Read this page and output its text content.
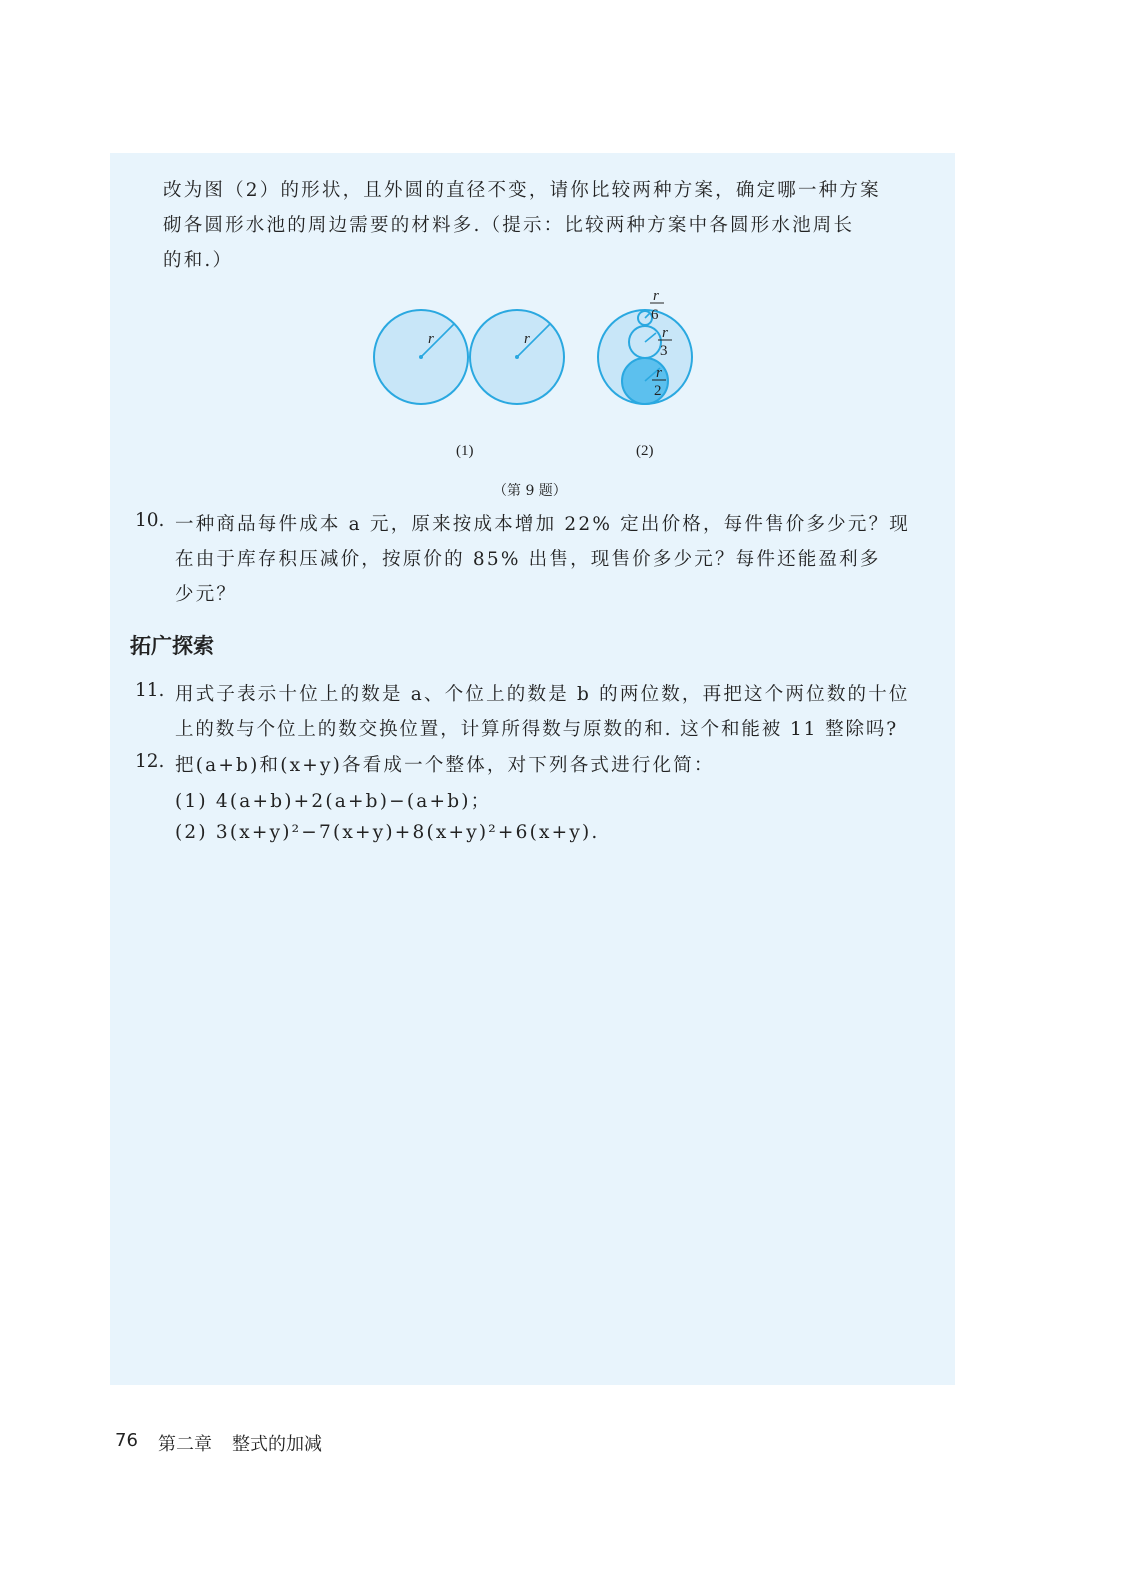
改为图（2）的形状，且外圆的直径不变，请你比较两种方案，确定哪一种方案
砌各圆形水池的周边需要的材料多.（提示：比较两种方案中各圆形水池周长
的和.）
r	r
r
6
r
3
r
2
(1)	(2)
（第 9 题）
10. 一种商品每件成本 a 元，原来按成本增加 22% 定出价格，每件售价多少元？现
在由于库存积压减价，按原价的 85% 出售，现售价多少元？每件还能盈利多
少元？
拓广探索
11. 用式子表示十位上的数是 a、个位上的数是 b 的两位数，再把这个两位数的十位
上的数与个位上的数交换位置，计算所得数与原数的和. 这个和能被 11 整除吗?
12. 把(a+b)和(x+y)各看成一个整体，对下列各式进行化简：
(1) 4(a+b)+2(a+b)−(a+b)；
(2) 3(x+y)²−7(x+y)+8(x+y)²+6(x+y).
76 第二章 整式的加减
